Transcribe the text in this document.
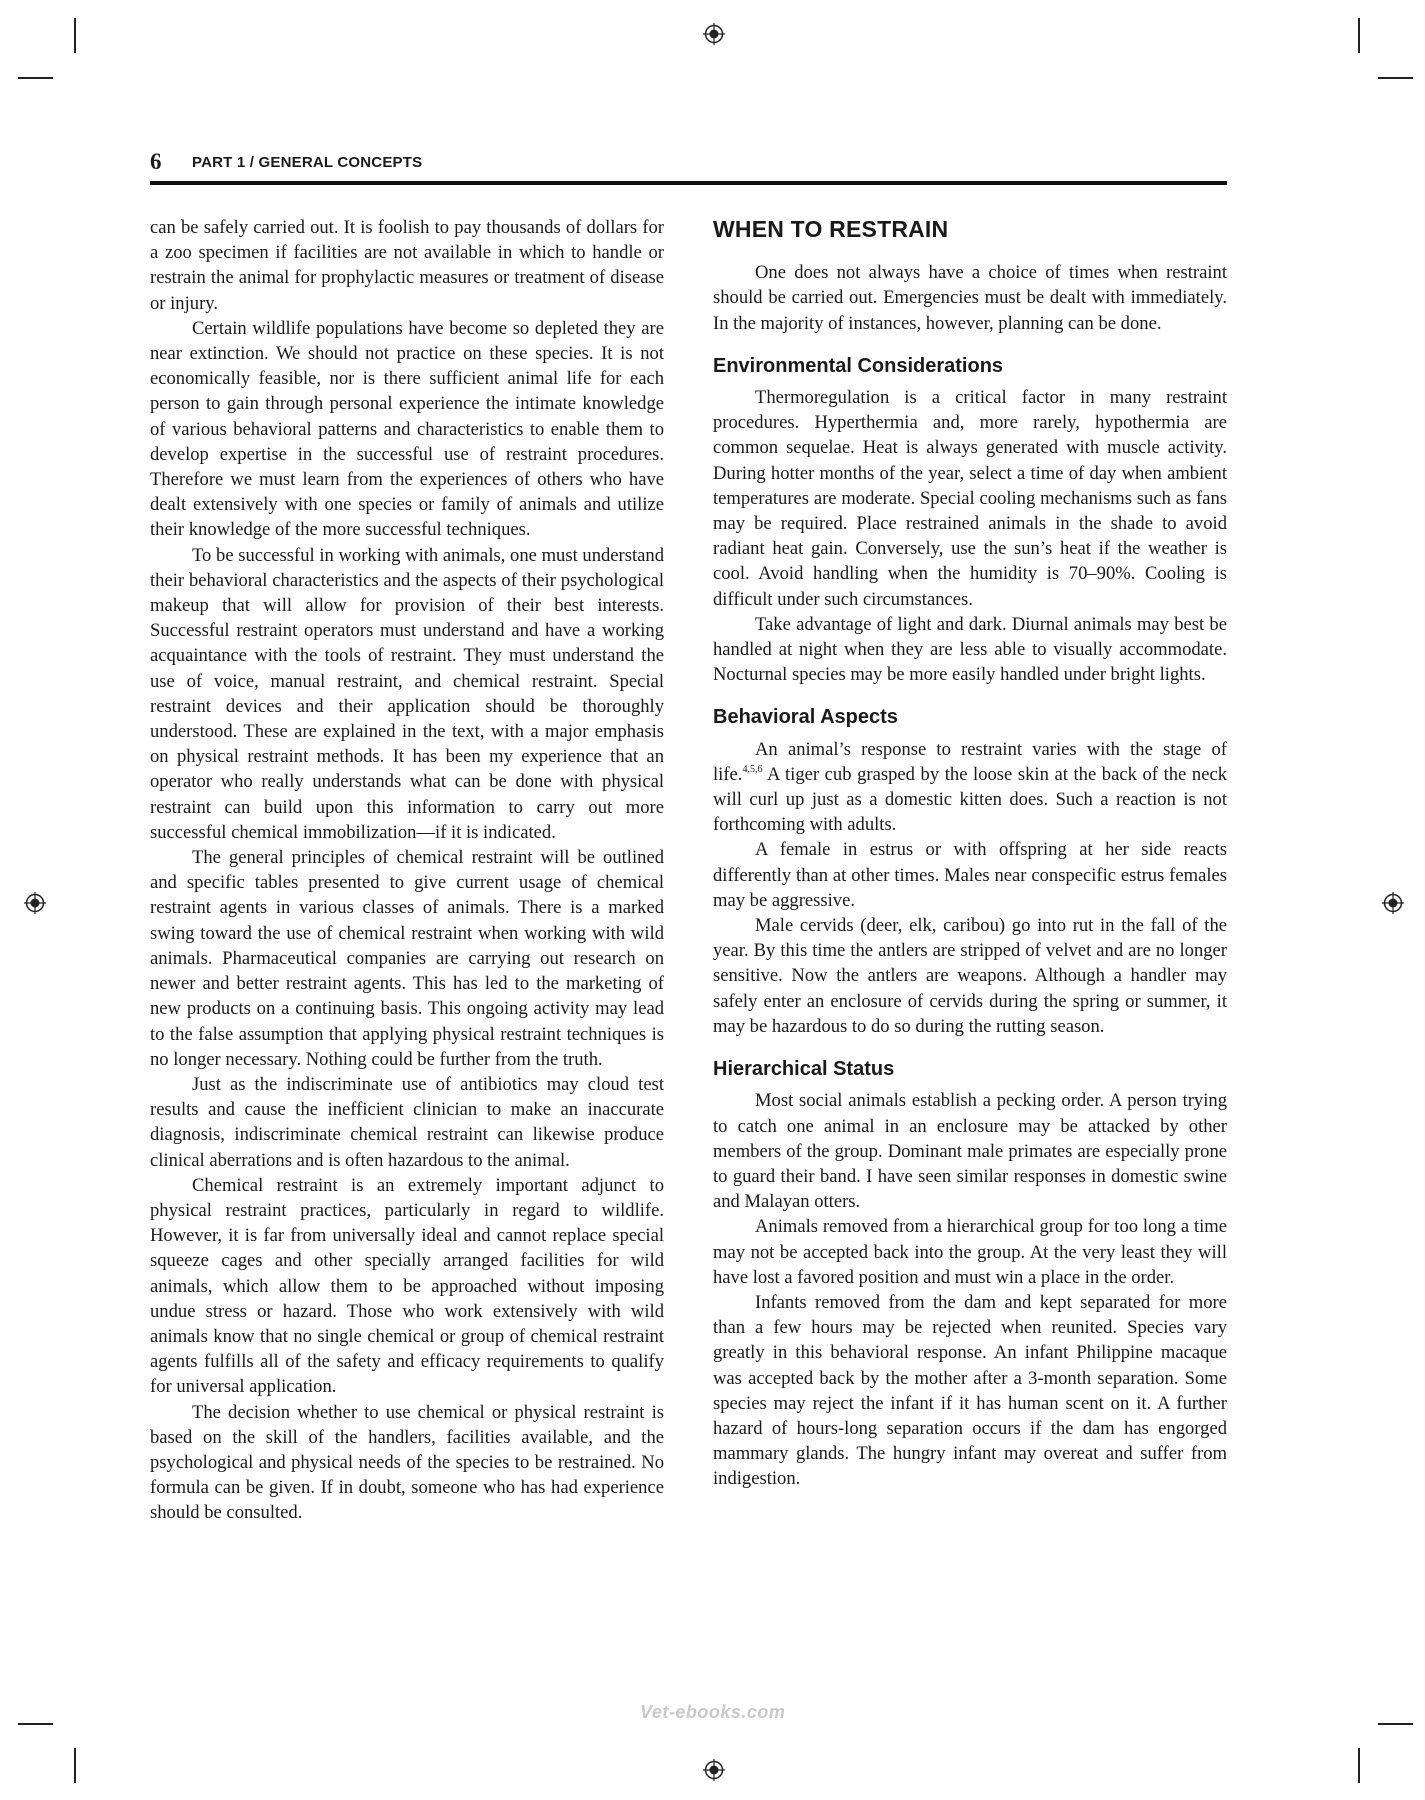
6 PART 1 / GENERAL CONCEPTS

can be safely carried out. It is foolish to pay thousands of dollars for a zoo specimen if facilities are not available in which to handle or restrain the animal for prophylactic measures or treatment of disease or injury.

Certain wildlife populations have become so depleted they are near extinction. We should not practice on these species. It is not economically feasible, nor is there sufficient animal life for each person to gain through personal experience the intimate knowledge of various behavioral patterns and characteristics to enable them to develop expertise in the successful use of restraint procedures. Therefore we must learn from the experiences of others who have dealt extensively with one species or family of animals and utilize their knowledge of the more successful techniques.

To be successful in working with animals, one must understand their behavioral characteristics and the aspects of their psychological makeup that will allow for provision of their best interests. Successful restraint operators must understand and have a working acquaintance with the tools of restraint. They must understand the use of voice, manual restraint, and chemical restraint. Special restraint devices and their application should be thoroughly understood. These are explained in the text, with a major emphasis on physical restraint methods. It has been my experience that an operator who really understands what can be done with physical restraint can build upon this information to carry out more successful chemical immobilization—if it is indicated.

The general principles of chemical restraint will be outlined and specific tables presented to give current usage of chemical restraint agents in various classes of animals. There is a marked swing toward the use of chemical restraint when working with wild animals. Pharmaceutical companies are carrying out research on newer and better restraint agents. This has led to the marketing of new products on a continuing basis. This ongoing activity may lead to the false assumption that applying physical restraint techniques is no longer necessary. Nothing could be further from the truth.

Just as the indiscriminate use of antibiotics may cloud test results and cause the inefficient clinician to make an inaccurate diagnosis, indiscriminate chemical restraint can likewise produce clinical aberrations and is often hazardous to the animal.

Chemical restraint is an extremely important adjunct to physical restraint practices, particularly in regard to wildlife. However, it is far from universally ideal and cannot replace special squeeze cages and other specially arranged facilities for wild animals, which allow them to be approached without imposing undue stress or hazard. Those who work extensively with wild animals know that no single chemical or group of chemical restraint agents fulfills all of the safety and efficacy requirements to qualify for universal application.

The decision whether to use chemical or physical restraint is based on the skill of the handlers, facilities available, and the psychological and physical needs of the species to be restrained. No formula can be given. If in doubt, someone who has had experience should be consulted.

WHEN TO RESTRAIN

One does not always have a choice of times when restraint should be carried out. Emergencies must be dealt with immediately. In the majority of instances, however, planning can be done.

Environmental Considerations

Thermoregulation is a critical factor in many restraint procedures. Hyperthermia and, more rarely, hypothermia are common sequelae. Heat is always generated with muscle activity. During hotter months of the year, select a time of day when ambient temperatures are moderate. Special cooling mechanisms such as fans may be required. Place restrained animals in the shade to avoid radiant heat gain. Conversely, use the sun’s heat if the weather is cool. Avoid handling when the humidity is 70–90%. Cooling is difficult under such circumstances.

Take advantage of light and dark. Diurnal animals may best be handled at night when they are less able to visually accommodate. Nocturnal species may be more easily handled under bright lights.

Behavioral Aspects

An animal’s response to restraint varies with the stage of life.$^{4,5,6}$ A tiger cub grasped by the loose skin at the back of the neck will curl up just as a domestic kitten does. Such a reaction is not forthcoming with adults.

A female in estrus or with offspring at her side reacts differently than at other times. Males near conspecific estrus females may be aggressive.

Male cervids (deer, elk, caribou) go into rut in the fall of the year. By this time the antlers are stripped of velvet and are no longer sensitive. Now the antlers are weapons. Although a handler may safely enter an enclosure of cervids during the spring or summer, it may be hazardous to do so during the rutting season.

Hierarchical Status

Most social animals establish a pecking order. A person trying to catch one animal in an enclosure may be attacked by other members of the group. Dominant male primates are especially prone to guard their band. I have seen similar responses in domestic swine and Malayan otters.

Animals removed from a hierarchical group for too long a time may not be accepted back into the group. At the very least they will have lost a favored position and must win a place in the order.

Infants removed from the dam and kept separated for more than a few hours may be rejected when reunited. Species vary greatly in this behavioral response. An infant Philippine macaque was accepted back by the mother after a 3-month separation. Some species may reject the infant if it has human scent on it. A further hazard of hours-long separation occurs if the dam has engorged mammary glands. The hungry infant may overeat and suffer from indigestion.

Vet-ebooks.com
